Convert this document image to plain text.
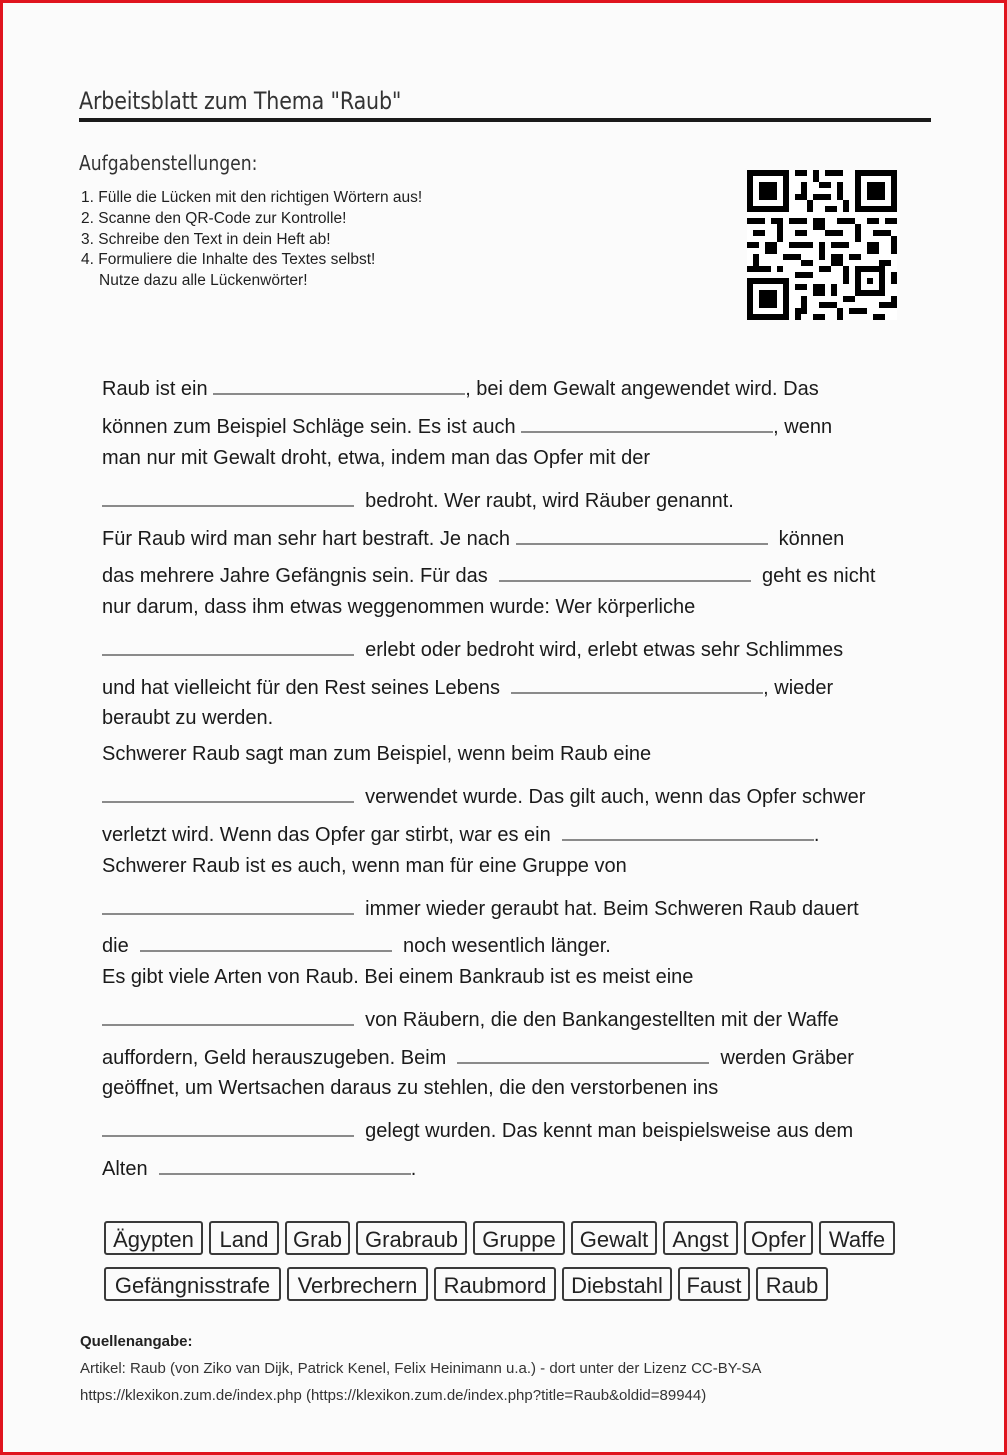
Arbeitsblatt zum Thema "Raub"
Aufgabenstellungen:
1. Fülle die Lücken mit den richtigen Wörtern aus!
2. Scanne den QR-Code zur Kontrolle!
3. Schreibe den Text in dein Heft ab!
4. Formuliere die Inhalte des Textes selbst!
Nutze dazu alle Lückenwörter!
Raub ist ein	, bei dem Gewalt angewendet wird. Das
können zum Beispiel Schläge sein. Es ist auch	, wenn
man nur mit Gewalt droht, etwa, indem man das Opfer mit der
bedroht. Wer raubt, wird Räuber genannt.
Für Raub wird man sehr hart bestraft. Je nach	können
das mehrere Jahre Gefängnis sein. Für das	geht es nicht
nur darum, dass ihm etwas weggenommen wurde: Wer körperliche
erlebt oder bedroht wird, erlebt etwas sehr Schlimmes
und hat vielleicht für den Rest seines Lebens	, wieder
beraubt zu werden.
Schwerer Raub sagt man zum Beispiel, wenn beim Raub eine
verwendet wurde. Das gilt auch, wenn das Opfer schwer
verletzt wird. Wenn das Opfer gar stirbt, war es ein	.
Schwerer Raub ist es auch, wenn man für eine Gruppe von
immer wieder geraubt hat. Beim Schweren Raub dauert
die	noch wesentlich länger.
Es gibt viele Arten von Raub. Bei einem Bankraub ist es meist eine
von Räubern, die den Bankangestellten mit der Waffe
auffordern, Geld herauszugeben. Beim	werden Gräber
geöffnet, um Wertsachen daraus zu stehlen, die den verstorbenen ins
gelegt wurden. Das kennt man beispielsweise aus dem
Alten	.
Ägypten	Land	Grab	Grabraub	Gruppe	Gewalt	Angst	Opfer	Waffe
Gefängnisstrafe	Verbrechern	Raubmord	Diebstahl	Faust	Raub
Quellenangabe:
Artikel: Raub (von Ziko van Dijk, Patrick Kenel, Felix Heinimann u.a.) - dort unter der Lizenz CC-BY-SA
https://klexikon.zum.de/index.php (https://klexikon.zum.de/index.php?title=Raub&oldid=89944)
